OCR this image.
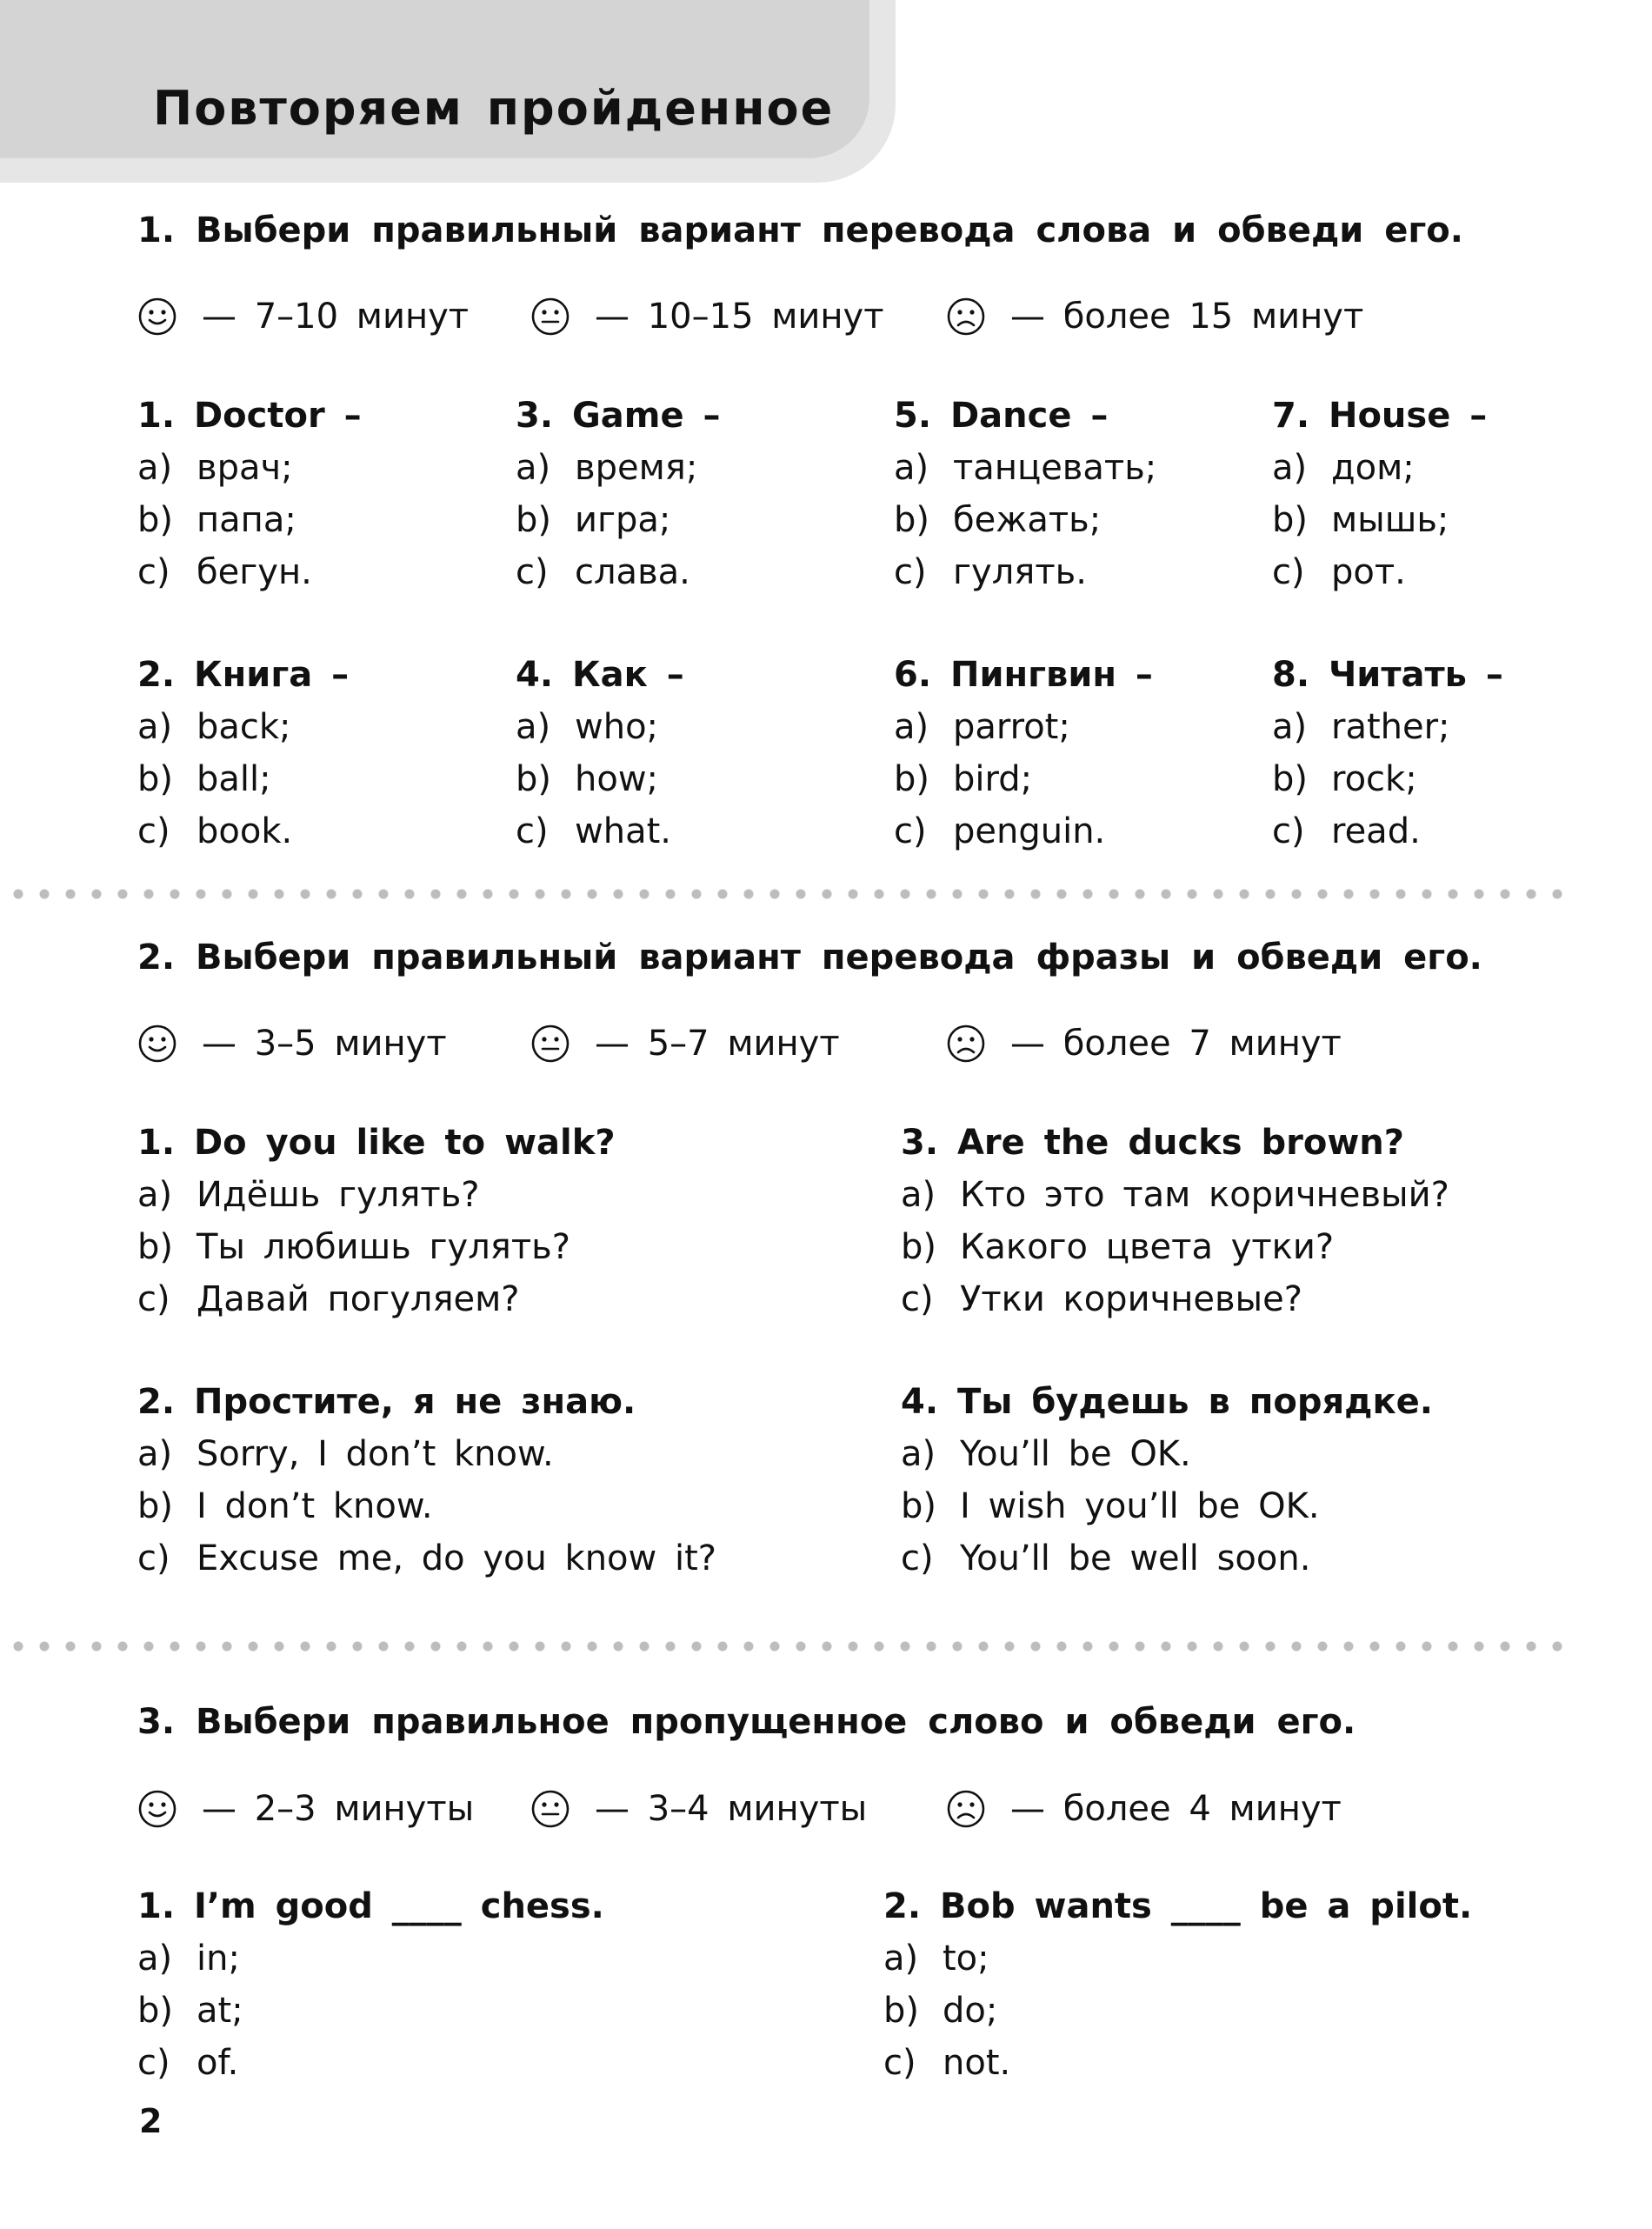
Повторяем пройденное
1. Выбери правильный вариант перевода слова и обведи его.
— 7–10 минут	— 10–15 минут	— более 15 минут
1. Doctor –
a) врач;
b) папа;
c) бегун.
3. Game –
a) время;
b) игра;
c) слава.
5. Dance –
a) танцевать;
b) бежать;
c) гулять.
7. House –
a) дом;
b) мышь;
c) рот.
2. Книга –
a) back;
b) ball;
c) book.
4. Как –
a) who;
b) how;
c) what.
6. Пингвин –
a) parrot;
b) bird;
c) penguin.
8. Читать –
a) rather;
b) rock;
c) read.
2. Выбери правильный вариант перевода фразы и обведи его.
— 3–5 минут	— 5–7 минут	— более 7 минут
1. Do you like to walk?
a) Идёшь гулять?
b) Ты любишь гулять?
c) Давай погуляем?
3. Are the ducks brown?
a) Кто это там коричневый?
b) Какого цвета утки?
c) Утки коричневые?
2. Простите, я не знаю.
a) Sorry, I don’t know.
b) I don’t know.
c) Excuse me, do you know it?
4. Ты будешь в порядке.
a) You’ll be OK.
b) I wish you’ll be OK.
c) You’ll be well soon.
3. Выбери правильное пропущенное слово и обведи его.
— 2–3 минуты	— 3–4 минуты	— более 4 минут
1. I’m good ____ chess.
a) in;
b) at;
c) of.
2. Bob wants ____ be a pilot.
a) to;
b) do;
c) not.
2
